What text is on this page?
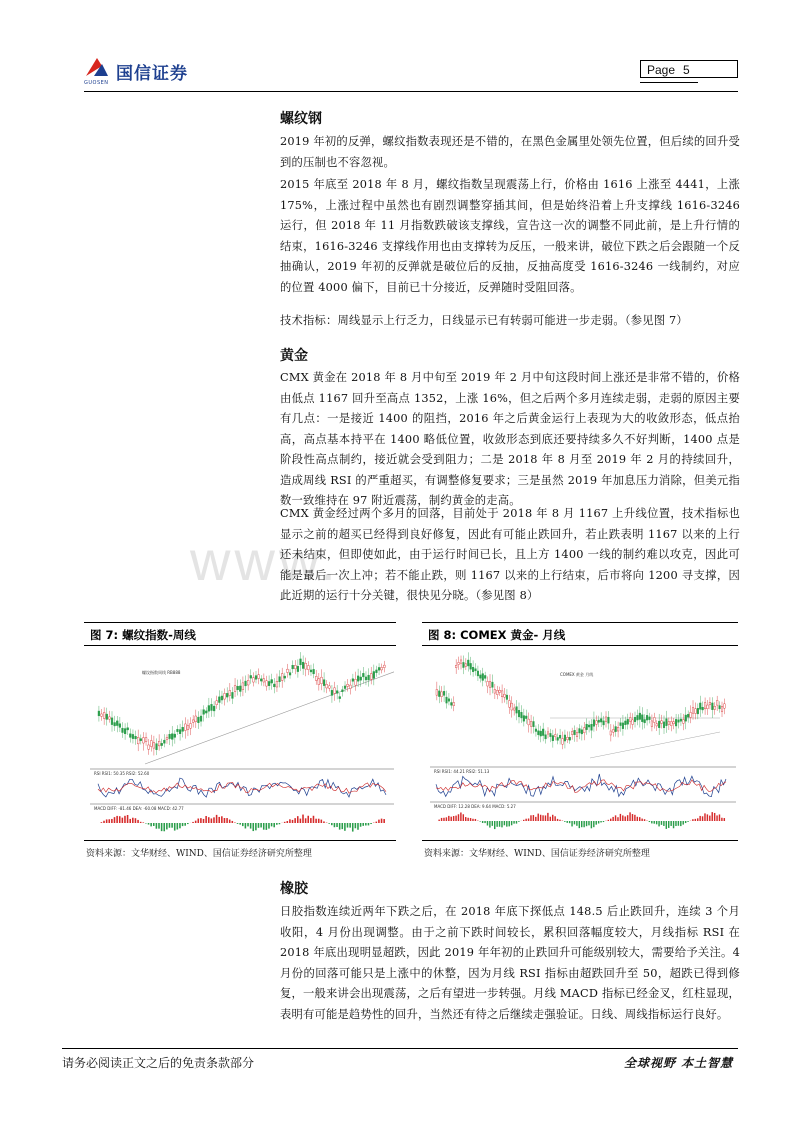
国信证券
GUOSEN
Page 5
www.
螺纹钢
2019 年初的反弹，螺纹指数表现还是不错的，在黑色金属里处领先位置，但后续的回升受到的压制也不容忽视。
2015 年底至 2018 年 8 月，螺纹指数呈现震荡上行，价格由 1616 上涨至 4441，上涨 175%，上涨过程中虽然也有剧烈调整穿插其间，但是始终沿着上升支撑线 1616-3246 运行，但 2018 年 11 月指数跌破该支撑线，宣告这一次的调整不同此前，是上升行情的结束，1616-3246 支撑线作用也由支撑转为反压，一般来讲，破位下跌之后会跟随一个反抽确认，2019 年初的反弹就是破位后的反抽，反抽高度受 1616-3246 一线制约，对应的位置 4000 偏下，目前已十分接近，反弹随时受阻回落。
技术指标：周线显示上行乏力，日线显示已有转弱可能进一步走弱。（参见图 7）
黄金
CMX 黄金在 2018 年 8 月中旬至 2019 年 2 月中旬这段时间上涨还是非常不错的，价格由低点 1167 回升至高点 1352，上涨 16%，但之后两个多月连续走弱，走弱的原因主要有几点：一是接近 1400 的阻挡，2016 年之后黄金运行上表现为大的收敛形态，低点抬高，高点基本持平在 1400 略低位置，收敛形态到底还要持续多久不好判断，1400 点是阶段性高点制约，接近就会受到阻力；二是 2018 年 8 月至 2019 年 2 月的持续回升，造成周线 RSI 的严重超买，有调整修复要求；三是虽然 2019 年加息压力消除，但美元指数一致维持在 97 附近震荡，制约黄金的走高。
CMX 黄金经过两个多月的回落，目前处于 2018 年 8 月 1167 上升线位置，技术指标也显示之前的超买已经得到良好修复，因此有可能止跌回升，若止跌表明 1167 以来的上行还未结束，但即使如此，由于运行时间已长，且上方 1400 一线的制约难以攻克，因此可能是最后一次上冲；若不能止跌，则 1167 以来的上行结束，后市将向 1200 寻支撑，因此近期的运行十分关键，很快见分晓。（参见图 8）
图 7: 螺纹指数-周线
螺纹指数周线 RB888
RSI RSI1: 50.35 RSI2: 52.60
MACD DIFF: -81.46 DEA: -60.08 MACD: 42.77
资料来源：文华财经、WIND、国信证券经济研究所整理
图 8: COMEX 黄金- 月线
COMEX 黄金 月线
RSI RSI1: 44.21 RSI2: 51.13
MACD DIFF: 12.28 DEA: 9.64 MACD: 5.27
资料来源：文华财经、WIND、国信证券经济研究所整理
橡胶
日胶指数连续近两年下跌之后，在 2018 年底下探低点 148.5 后止跌回升，连续 3 个月收阳，4 月份出现调整。由于之前下跌时间较长，累积回落幅度较大，月线指标 RSI 在 2018 年底出现明显超跌，因此 2019 年年初的止跌回升可能级别较大，需要给予关注。4 月份的回落可能只是上涨中的休整，因为月线 RSI 指标由超跌回升至 50，超跌已得到修复，一般来讲会出现震荡，之后有望进一步转强。月线 MACD 指标已经金叉，红柱显现，表明有可能是趋势性的回升，当然还有待之后继续走强验证。日线、周线指标运行良好。
请务必阅读正文之后的免责条款部分	全球视野 本土智慧
